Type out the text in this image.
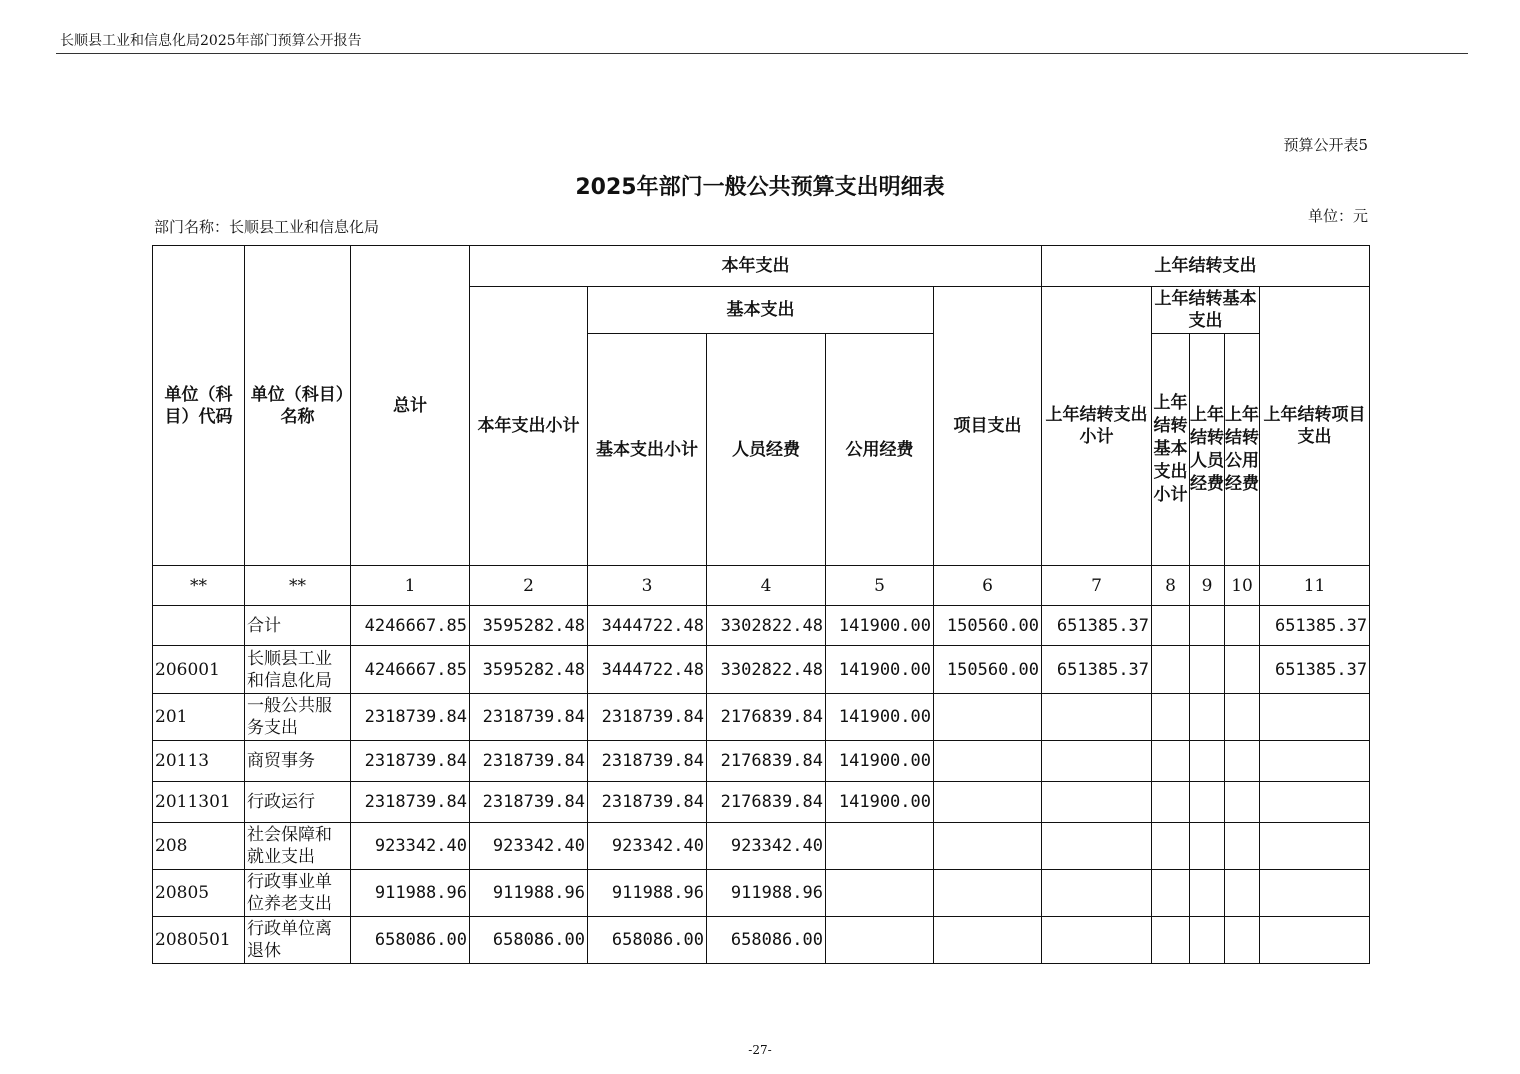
长顺县工业和信息化局2025年部门预算公开报告
预算公开表5
2025年部门一般公共预算支出明细表
部门名称：长顺县工业和信息化局
单位：元
单位（科目）代码	单位（科目）名称	总计	本年支出					上年结转支出				
			本年支出小计	基本支出			项目支出	上年结转支出小计	上年结转基本支出			上年结转项目支出
				基本支出小计	人员经费	公用经费			上年结转基本支出小计	上年结转人员经费	上年结转公用经费	
**	**	1	2	3	4	5	6	7	8	9	10	11
	合计	4246667.85	3595282.48	3444722.48	3302822.48	141900.00	150560.00	651385.37				651385.37
206001	长顺县工业和信息化局	4246667.85	3595282.48	3444722.48	3302822.48	141900.00	150560.00	651385.37				651385.37
201	一般公共服务支出	2318739.84	2318739.84	2318739.84	2176839.84	141900.00						
20113	商贸事务	2318739.84	2318739.84	2318739.84	2176839.84	141900.00						
2011301	行政运行	2318739.84	2318739.84	2318739.84	2176839.84	141900.00						
208	社会保障和就业支出	923342.40	923342.40	923342.40	923342.40							
20805	行政事业单位养老支出	911988.96	911988.96	911988.96	911988.96							
2080501	行政单位离退休	658086.00	658086.00	658086.00	658086.00							
-27-
